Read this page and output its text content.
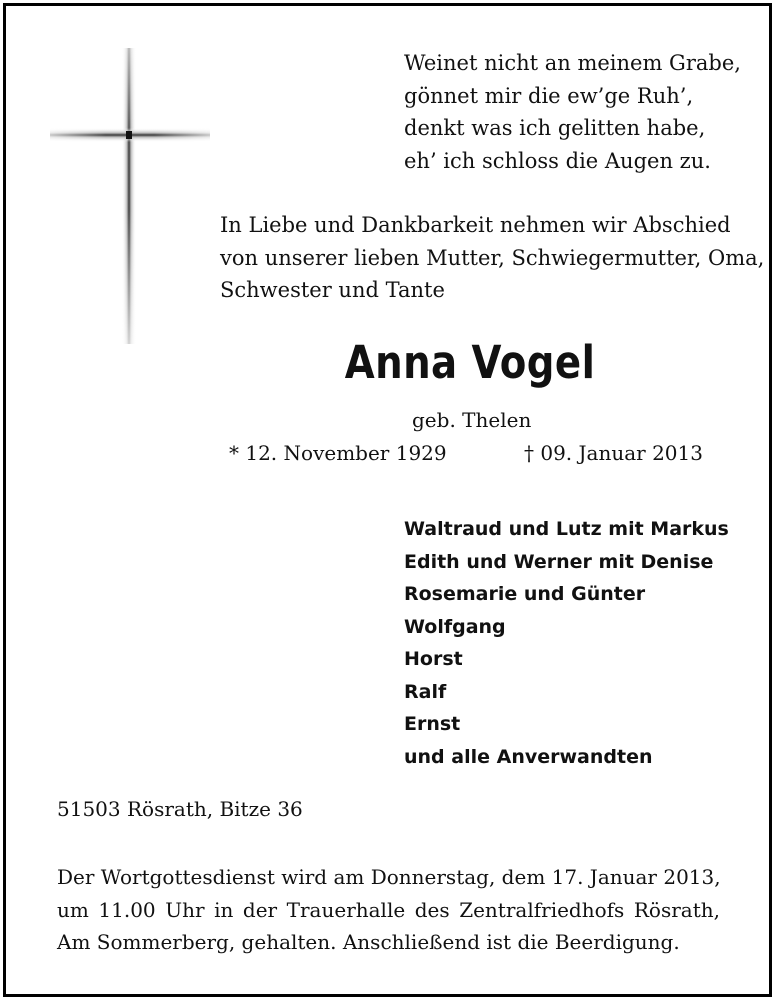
Weinet nicht an meinem Grabe,
gönnet mir die ew’ge Ruh’,
denkt was ich gelitten habe,
eh’ ich schloss die Augen zu.
In Liebe und Dankbarkeit nehmen wir Abschied
von unserer lieben Mutter, Schwiegermutter, Oma,
Schwester und Tante
Anna Vogel
geb. Thelen
* 12. November 1929	† 09. Januar 2013
Waltraud und Lutz mit Markus
Edith und Werner mit Denise
Rosemarie und Günter
Wolfgang
Horst
Ralf
Ernst
und alle Anverwandten
51503 Rösrath, Bitze 36
Der Wortgottesdienst wird am Donnerstag, dem 17. Januar 2013,
um 11.00 Uhr in der Trauerhalle des Zentralfriedhofs Rösrath,
Am Sommerberg, gehalten. Anschließend ist die Beerdigung.
